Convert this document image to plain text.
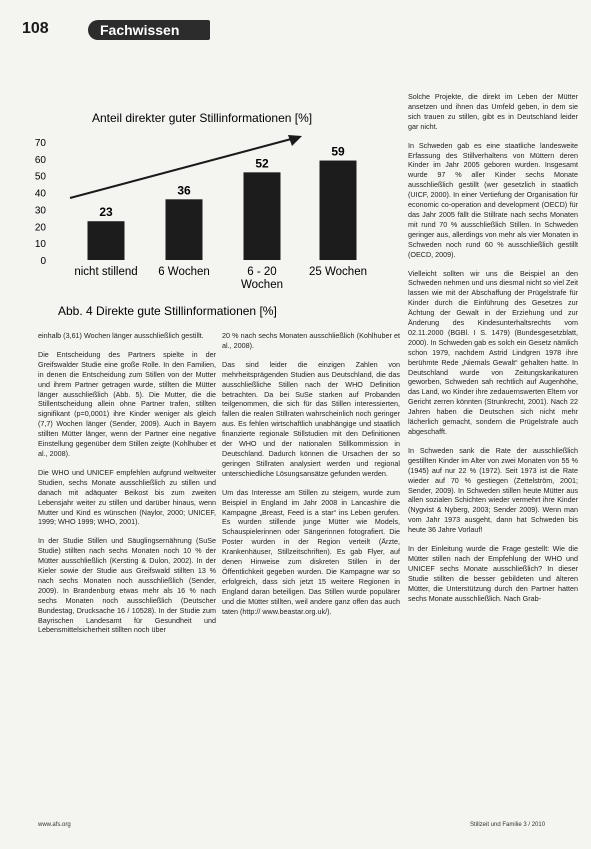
108	Fachwissen
Anteil direkter guter Stillinformationen [%]
Abb. 4 Direkte gute Stillinformationen [%]
0
10
20
30
40
50
60
70
nicht stillend 6 Wochen	6 - 20
Wochen
25 Wochen
23
36
52
59

einhalb (3,61) Wochen länger ausschließlich gestillt.

Die Entscheidung des Partners spielte in der Greifswalder Studie eine große Rolle. In den Familien, in denen die Entscheidung zum Stillen von der Mutter und ihrem Partner getragen wurde, stillten die Mütter länger ausschließlich (Abb. 5). Die Mutter, die die Stillentscheidung allein ohne Partner trafen, stillten signifikant (p=0,0001) ihre Kinder weniger als gleich (7,7) Wochen länger (Sender, 2009). Auch in Bayern stillten Mütter länger, wenn der Partner eine negative Einstellung gegenüber dem Stillen zeigte (Kohlhuber et al., 2008).

Die WHO und UNICEF empfehlen aufgrund weltweiter Studien, sechs Monate ausschließlich zu stillen und danach mit adäquater Beikost bis zum zweiten Lebensjahr weiter zu stillen und darüber hinaus, wenn Mutter und Kind es wünschen (Naylor, 2000; UNICEF, 1999; WHO 1999; WHO, 2001).

In der Studie Stillen und Säuglingsernährung (SuSe Studie) stillten nach sechs Monaten noch 10 % der Mütter ausschließlich (Kersting & Dulon, 2002). In der Kieler sowie der Studie aus Greifswald stillten 13 % nach sechs Monaten noch ausschließlich (Sender, 2009). In Brandenburg etwas mehr als 16 % nach sechs Monaten noch ausschließlich (Deutscher Bundestag, Drucksache 16 / 10528). In der Studie zum Bayrischen Landesamt für Gesundheit und Lebensmittelsicherheit stillten noch über

20 % nach sechs Monaten ausschließlich (Kohlhuber et al., 2008).

Das sind leider die einzigen Zahlen von mehrheitsprägenden Studien aus Deutschland, die das ausschließliche Stillen nach der WHO Definition betrachten. Da bei SuSe starken auf Probanden teilgenommen, die sich für das Stillen interessierten, fallen die realen Stillraten wahrscheinlich noch geringer aus. Es fehlen wirtschaftlich unabhängige und staatlich finanzierte regionale Stillstudien mit den Definitionen der WHO und der nationalen Stillkommission in Deutschland. Dadurch können die Ursachen der so geringen Stillraten analysiert werden und regional unterschiedliche Lösungsansätze gefunden werden.

Um das Interesse am Stillen zu steigern, wurde zum Beispiel in England im Jahr 2008 in Lancashire die Kampagne „Breast, Feed is a star“ ins Leben gerufen. Es wurden stillende junge Mütter wie Models, Schauspielerinnen oder Sängerinnen fotografiert. Die Poster wurden in der Region verteilt (Ärzte, Krankenhäuser, Stillzeitschriften). Es gab Flyer, auf denen Hinweise zum diskreten Stillen in der Öffentlichkeit gegeben wurden. Die Kampagne war so erfolgreich, dass sich jetzt 15 weitere Regionen in England daran beteiligen. Das Stillen wurde populärer und die Mütter stillten, weil andere ganz offen das auch taten (http:// www.beastar.org.uk/).

Solche Projekte, die direkt im Leben der Mütter ansetzen und ihnen das Umfeld geben, in dem sie sich trauen zu stillen, gibt es in Deutschland leider gar nicht.

In Schweden gab es eine staatliche landesweite Erfassung des Stillverhaltens von Müttern deren Kinder im Jahr 2005 geboren wurden. Insgesamt wurde 97 % aller Kinder sechs Monate ausschließlich gestillt (wer gesetzlich in staatlich (UICF, 2000). In einer Vertiefung der Organisation für economic co-operation and development (OECD) für das Jahr 2005 fällt die Stillrate nach sechs Monaten mit rund 70 % ausschließlich Stillen. In Schweden geringer aus, allerdings von mehr als vier Monaten in Schweden noch rund 60 % ausschließlich gestillt (OECD, 2009).

Vielleicht sollten wir uns die Beispiel an den Schweden nehmen und uns diesmal nicht so viel Zeit lassen wie mit der Abschaffung der Prügelstrafe für Kinder durch die Einführung des Gesetzes zur Ächtung der Gewalt in der Erziehung und zur Änderung des Kindesunterhaltsrechts vom 02.11.2000 (BGBl. I S. 1479) (Bundesgesetzblatt, 2000). In Schweden gab es solch ein Gesetz nämlich schon 1979, nachdem Astrid Lindgren 1978 ihre berühmte Rede „Niemals Gewalt“ gehalten hatte. In Deutschland wurde von Zeitungskarikaturen geworben, Schweden sah rechtlich auf Augenhöhe, das Land, wo Kinder ihre zedauernswerten Eltern vor Gericht zerren könnten (Strunkrecht, 2001). Nach 22 Jahren haben die Deutschen sich nicht mehr lächerlich gemacht, sondern die Prügelstrafe auch abgeschafft.

In Schweden sank die Rate der ausschließlich gestillten Kinder im Alter von zwei Monaten von 55 % (1945) auf nur 22 % (1972). Seit 1973 ist die Rate wieder auf 70 % gestiegen (Zettelström, 2001; Sender, 2009). In Schweden stillen heute Mütter aus allen sozialen Schichten wieder vermehrt ihre Kinder (Nygvist & Nyberg, 2003; Sender 2009). Wenn man vom Jahr 1973 ausgeht, dann hat Schweden bis heute 36 Jahre Vorlauf!

In der Einleitung wurde die Frage gestellt: Wie die Mütter stillen nach der Empfehlung der WHO und UNICEF sechs Monate ausschließlich? In dieser Studie stillten die besser gebildeten und älteren Mütter, die Unterstützung durch den Partner hatten sechs Monate ausschließlich. Nach Grab-

www.afs.org	Stillzeit und Familie 3 / 2010
